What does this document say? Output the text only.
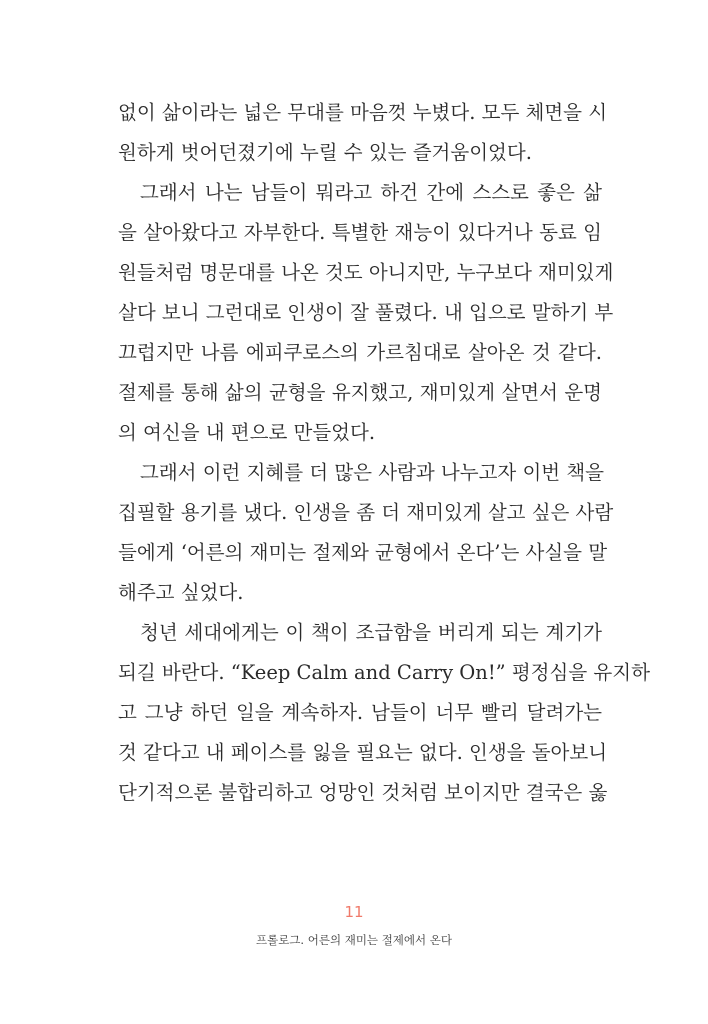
없이 삶이라는 넓은 무대를 마음껏 누볐다. 모두 체면을 시
원하게 벗어던졌기에 누릴 수 있는 즐거움이었다.
그래서 나는 남들이 뭐라고 하건 간에 스스로 좋은 삶
을 살아왔다고 자부한다. 특별한 재능이 있다거나 동료 임
원들처럼 명문대를 나온 것도 아니지만, 누구보다 재미있게
살다 보니 그런대로 인생이 잘 풀렸다. 내 입으로 말하기 부
끄럽지만 나름 에피쿠로스의 가르침대로 살아온 것 같다.
절제를 통해 삶의 균형을 유지했고, 재미있게 살면서 운명
의 여신을 내 편으로 만들었다.
그래서 이런 지혜를 더 많은 사람과 나누고자 이번 책을
집필할 용기를 냈다. 인생을 좀 더 재미있게 살고 싶은 사람
들에게 ‘어른의 재미는 절제와 균형에서 온다’는 사실을 말
해주고 싶었다.
청년 세대에게는 이 책이 조급함을 버리게 되는 계기가
되길 바란다. “Keep Calm and Carry On!” 평정심을 유지하
고 그냥 하던 일을 계속하자. 남들이 너무 빨리 달려가는
것 같다고 내 페이스를 잃을 필요는 없다. 인생을 돌아보니
단기적으론 불합리하고 엉망인 것처럼 보이지만 결국은 옳
11
프롤로그. 어른의 재미는 절제에서 온다
